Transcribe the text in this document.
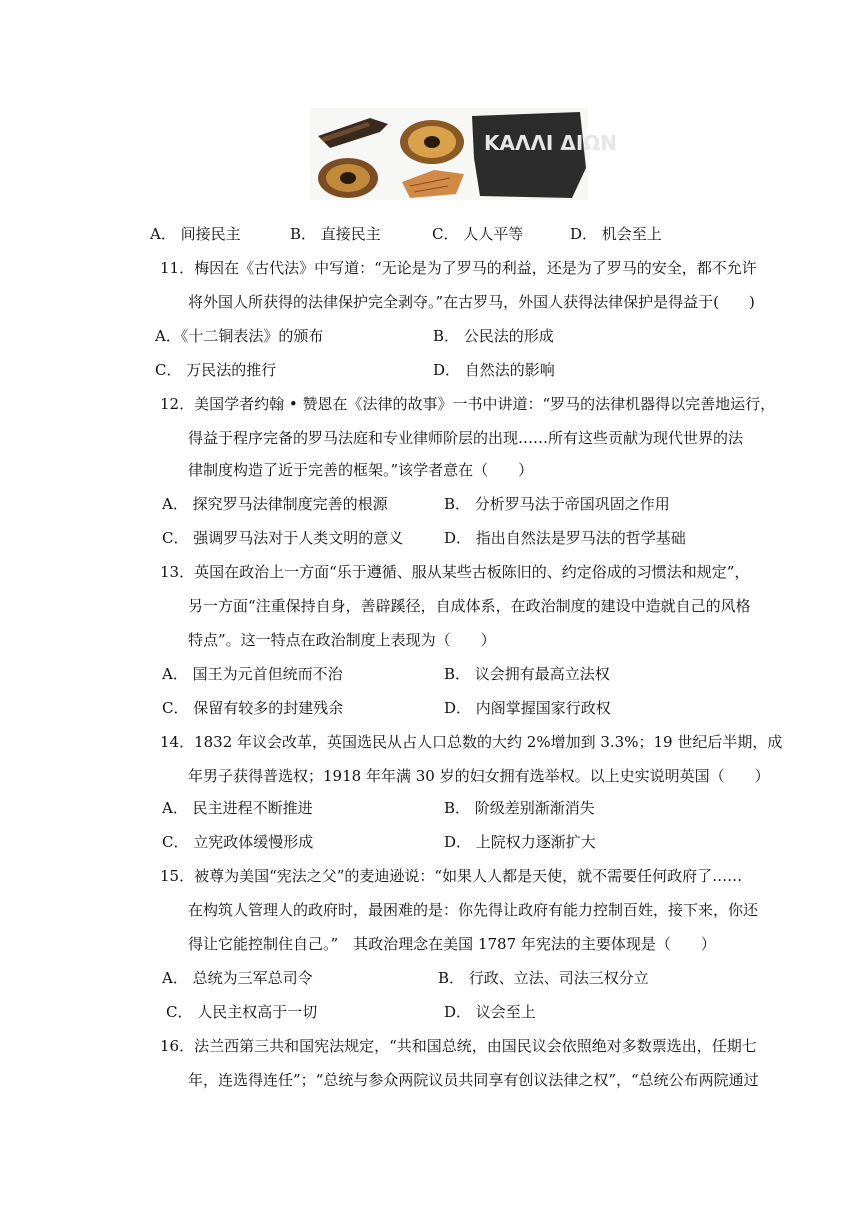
ΚΑΛΛΙ ΔΙΩΝ
A． 间接民主	B． 直接民主	C． 人人平等	D． 机会至上
11．梅因在《古代法》中写道：“无论是为了罗马的利益，还是为了罗马的安全，都不允许
将外国人所获得的法律保护完全剥夺。”在古罗马，外国人获得法律保护是得益于(　　)
A．《十二铜表法》的颁布	B． 公民法的形成
C． 万民法的推行	D． 自然法的影响
12．美国学者约翰 • 赞恩在《法律的故事》一书中讲道：“罗马的法律机器得以完善地运行，
得益于程序完备的罗马法庭和专业律师阶层的出现……所有这些贡献为现代世界的法
律制度构造了近于完善的框架。”该学者意在（　　）
A． 探究罗马法律制度完善的根源	B． 分析罗马法于帝国巩固之作用
C． 强调罗马法对于人类文明的意义	D． 指出自然法是罗马法的哲学基础
13．英国在政治上一方面“乐于遵循、服从某些古板陈旧的、约定俗成的习惯法和规定”，
另一方面“注重保持自身，善辟蹊径，自成体系，在政治制度的建设中造就自己的风格
特点”。这一特点在政治制度上表现为（　　）
A． 国王为元首但统而不治	B． 议会拥有最高立法权
C． 保留有较多的封建残余	D． 内阁掌握国家行政权
14．1832 年议会改革，英国选民从占人口总数的大约 2%增加到 3.3%；19 世纪后半期，成
年男子获得普选权；1918 年年满 30 岁的妇女拥有选举权。以上史实说明英国（　　）
A． 民主进程不断推进	B． 阶级差别渐渐消失
C． 立宪政体缓慢形成	D． 上院权力逐渐扩大
15．被尊为美国“宪法之父”的麦迪逊说：“如果人人都是天使，就不需要任何政府了……
在构筑人管理人的政府时，最困难的是：你先得让政府有能力控制百姓，接下来，你还
得让它能控制住自己。”　其政治理念在美国 1787 年宪法的主要体现是（　　）
A． 总统为三军总司令	B． 行政、立法、司法三权分立
C． 人民主权高于一切	D． 议会至上
16．法兰西第三共和国宪法规定，“共和国总统，由国民议会依照绝对多数票选出，任期七
年，连选得连任”；“总统与参众两院议员共同享有创议法律之权”，“总统公布两院通过
